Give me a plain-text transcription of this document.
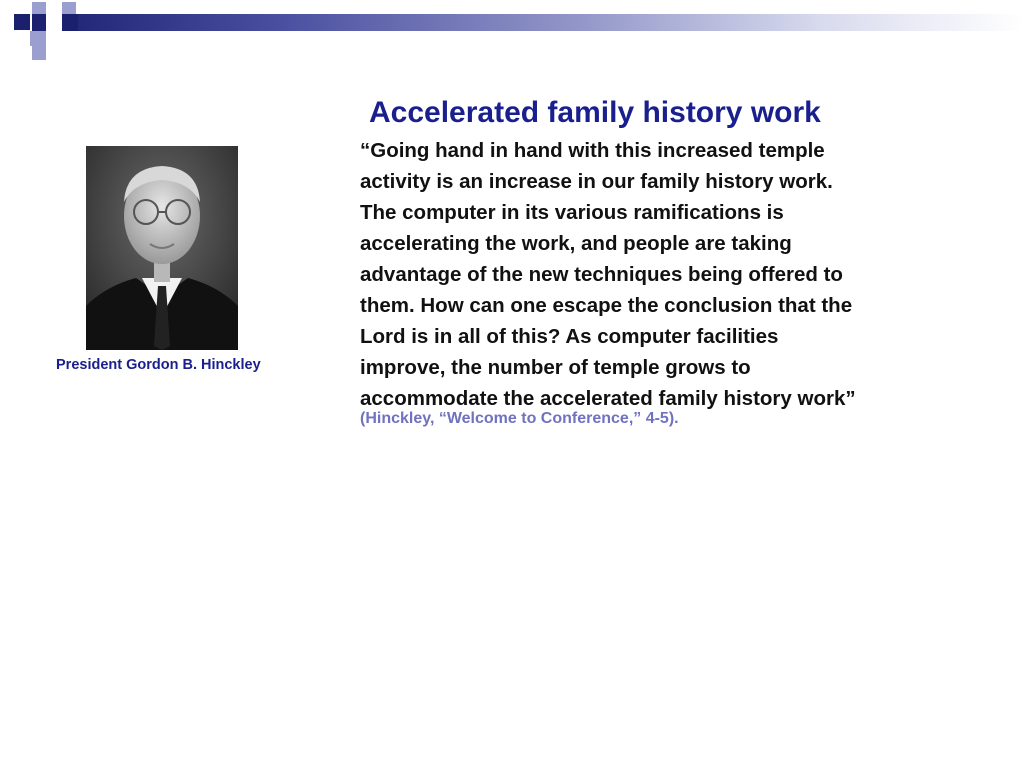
President Gordon B. Hinckley
Accelerated family history work

“Going hand in hand with this increased temple
activity is an increase in our family history work.
The computer in its various ramifications is
accelerating the work, and people are taking
advantage of the new techniques being offered to
them. How can one escape the conclusion that the
Lord is in all of this? As computer facilities
improve, the number of temple grows to
accommodate the accelerated family history work”

(Hinckley, “Welcome to Conference,” 4-5).
